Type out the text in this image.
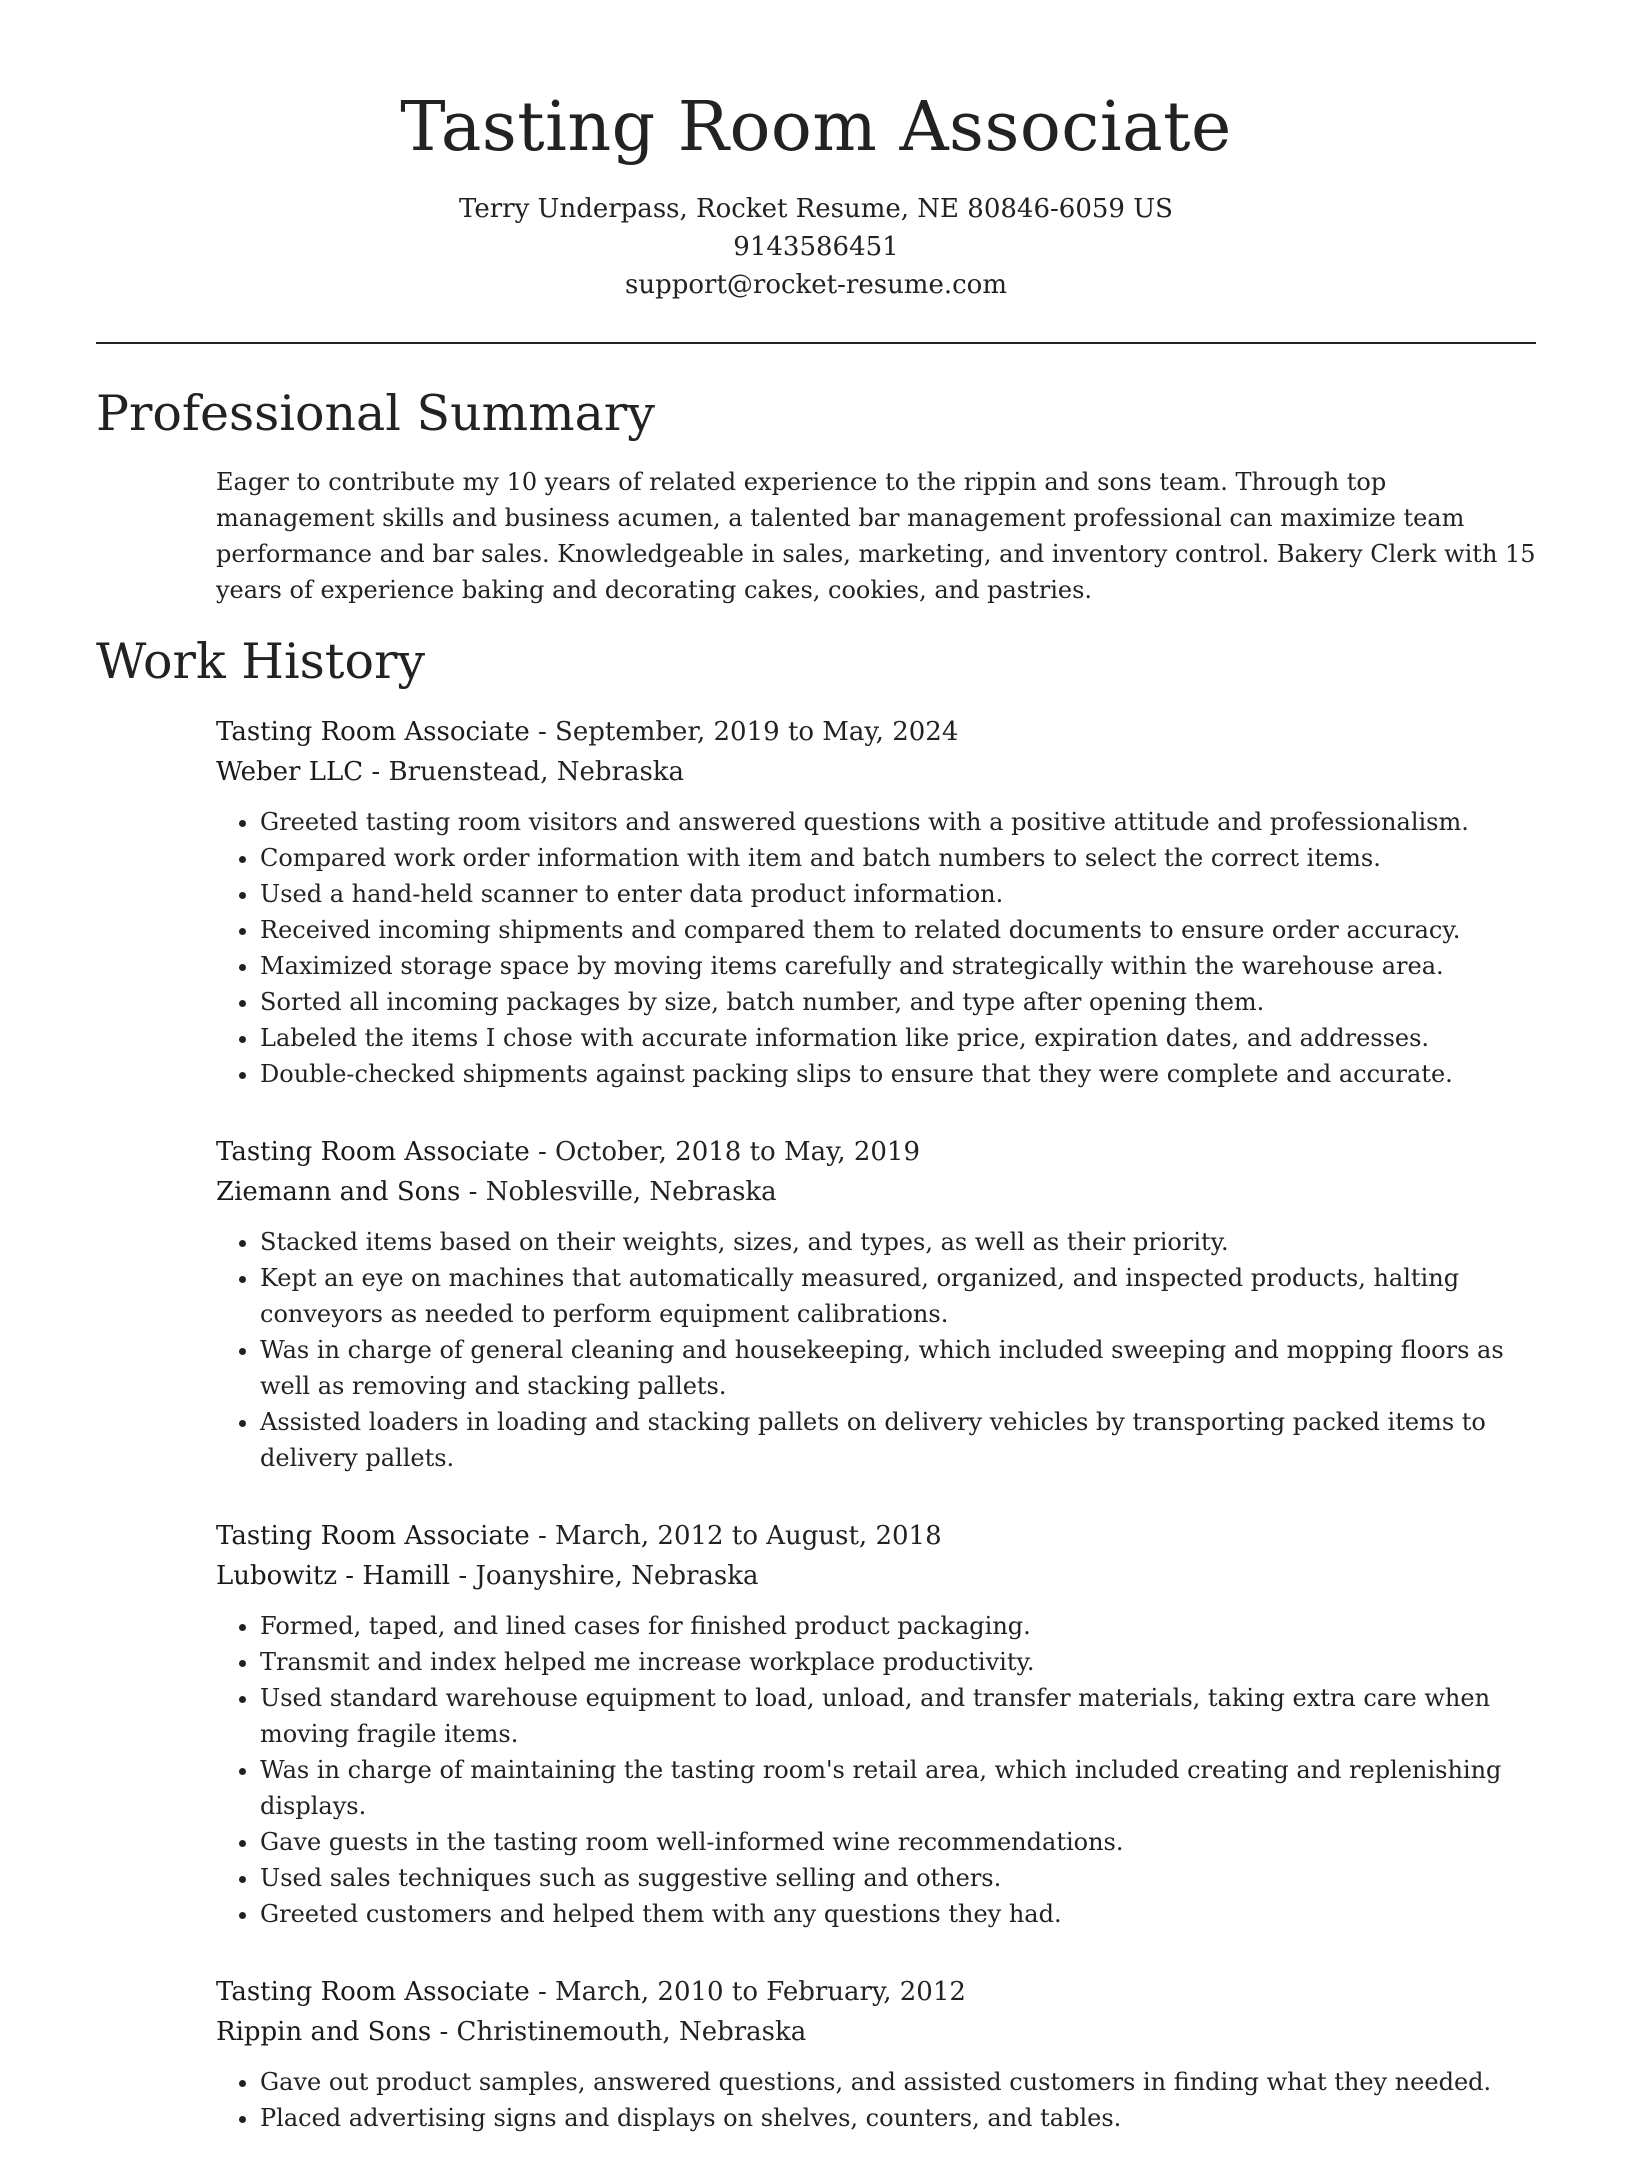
Tasting Room Associate
Terry Underpass, Rocket Resume, NE 80846-6059 US
9143586451
support@rocket-resume.com
Professional Summary

Eager to contribute my 10 years of related experience to the rippin and sons team. Through top management skills and business acumen, a talented bar management professional can maximize team performance and bar sales. Knowledgeable in sales, marketing, and inventory control. Bakery Clerk with 15 years of experience baking and decorating cakes, cookies, and pastries.

Work History
Tasting Room Associate - September, 2019 to May, 2024
Weber LLC - Bruenstead, Nebraska
• Greeted tasting room visitors and answered questions with a positive attitude and professionalism.
• Compared work order information with item and batch numbers to select the correct items.
• Used a hand-held scanner to enter data product information.
• Received incoming shipments and compared them to related documents to ensure order accuracy.
• Maximized storage space by moving items carefully and strategically within the warehouse area.
• Sorted all incoming packages by size, batch number, and type after opening them.
• Labeled the items I chose with accurate information like price, expiration dates, and addresses.
• Double-checked shipments against packing slips to ensure that they were complete and accurate.
Tasting Room Associate - October, 2018 to May, 2019
Ziemann and Sons - Noblesville, Nebraska
• Stacked items based on their weights, sizes, and types, as well as their priority.
• Kept an eye on machines that automatically measured, organized, and inspected products, halting conveyors as needed to perform equipment calibrations.
• Was in charge of general cleaning and housekeeping, which included sweeping and mopping floors as well as removing and stacking pallets.
• Assisted loaders in loading and stacking pallets on delivery vehicles by transporting packed items to delivery pallets.
Tasting Room Associate - March, 2012 to August, 2018
Lubowitz - Hamill - Joanyshire, Nebraska
• Formed, taped, and lined cases for finished product packaging.
• Transmit and index helped me increase workplace productivity.
• Used standard warehouse equipment to load, unload, and transfer materials, taking extra care when moving fragile items.
• Was in charge of maintaining the tasting room's retail area, which included creating and replenishing displays.
• Gave guests in the tasting room well-informed wine recommendations.
• Used sales techniques such as suggestive selling and others.
• Greeted customers and helped them with any questions they had.
Tasting Room Associate - March, 2010 to February, 2012
Rippin and Sons - Christinemouth, Nebraska
• Gave out product samples, answered questions, and assisted customers in finding what they needed.
• Placed advertising signs and displays on shelves, counters, and tables.
